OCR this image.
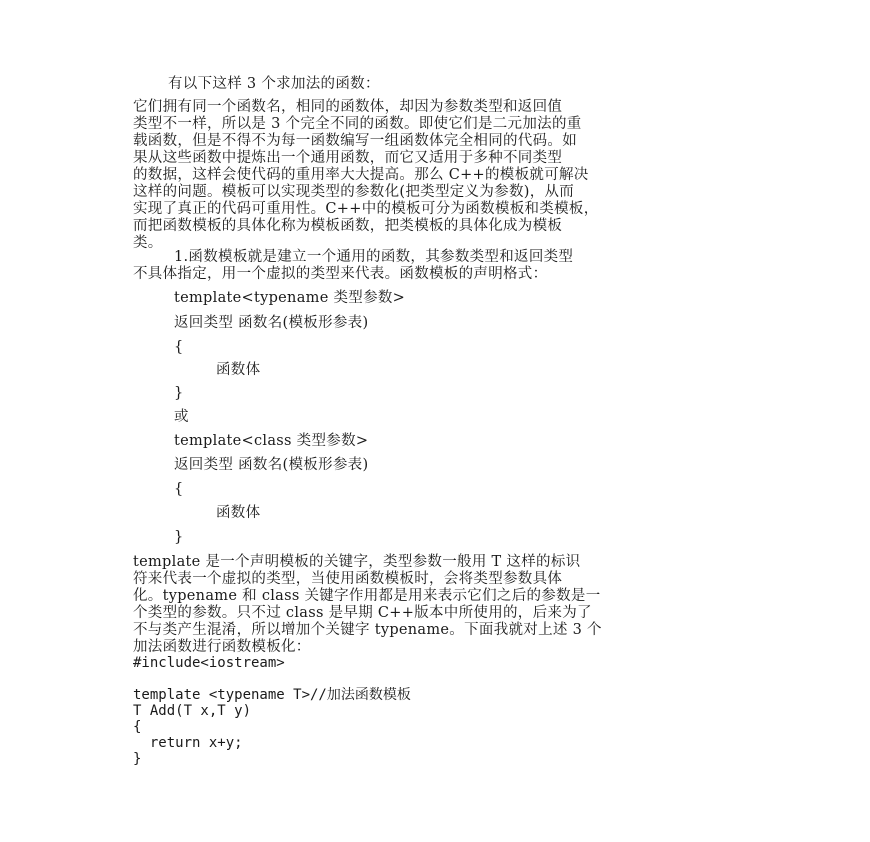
有以下这样 3 个求加法的函数：
它们拥有同一个函数名，相同的函数体，却因为参数类型和返回值
类型不一样，所以是 3 个完全不同的函数。即使它们是二元加法的重
载函数，但是不得不为每一函数编写一组函数体完全相同的代码。如
果从这些函数中提炼出一个通用函数，而它又适用于多种不同类型
的数据，这样会使代码的重用率大大提高。那么 C++的模板就可解决
这样的问题。模板可以实现类型的参数化(把类型定义为参数)，从而
实现了真正的代码可重用性。C++中的模板可分为函数模板和类模板，
而把函数模板的具体化称为模板函数，把类模板的具体化成为模板
类。
1.函数模板就是建立一个通用的函数，其参数类型和返回类型
不具体指定，用一个虚拟的类型来代表。函数模板的声明格式：
template<typename 类型参数>
返回类型 函数名(模板形参表)
{
函数体
}
或
template<class 类型参数>
返回类型 函数名(模板形参表)
{
函数体
}
template 是一个声明模板的关键字，类型参数一般用 T 这样的标识
符来代表一个虚拟的类型，当使用函数模板时，会将类型参数具体
化。typename 和 class 关键字作用都是用来表示它们之后的参数是一
个类型的参数。只不过 class 是早期 C++版本中所使用的，后来为了
不与类产生混淆，所以增加个关键字 typename。下面我就对上述 3 个
加法函数进行函数模板化：
#include<iostream>
template <typename T>//加法函数模板
T Add(T x,T y)
{
return x+y;
}
